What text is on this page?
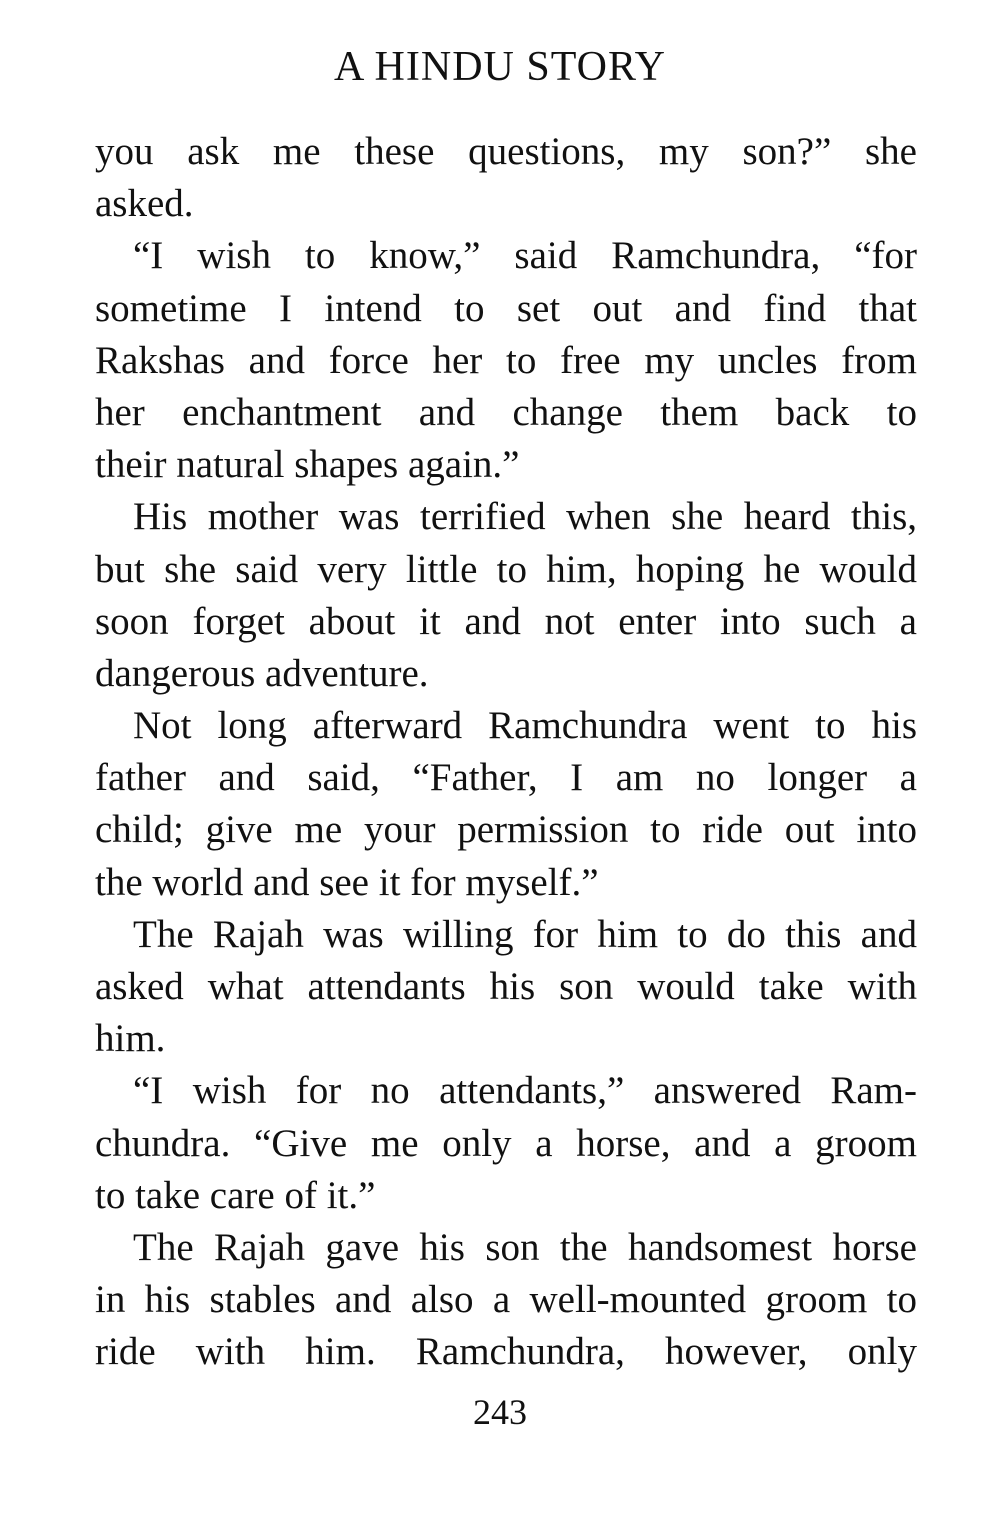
A HINDU STORY
you ask me these questions, my son?” she
asked.
“I wish to know,” said Ramchundra, “for
sometime I intend to set out and find that
Rakshas and force her to free my uncles from
her enchantment and change them back to
their natural shapes again.”
His mother was terrified when she heard this,
but she said very little to him, hoping he would
soon forget about it and not enter into such a
dangerous adventure.
Not long afterward Ramchundra went to his
father and said, “Father, I am no longer a
child; give me your permission to ride out into
the world and see it for myself.”
The Rajah was willing for him to do this and
asked what attendants his son would take with
him.
“I wish for no attendants,” answered Ram-
chundra. “Give me only a horse, and a groom
to take care of it.”
The Rajah gave his son the handsomest horse
in his stables and also a well-mounted groom to
ride with him. Ramchundra, however, only
243
